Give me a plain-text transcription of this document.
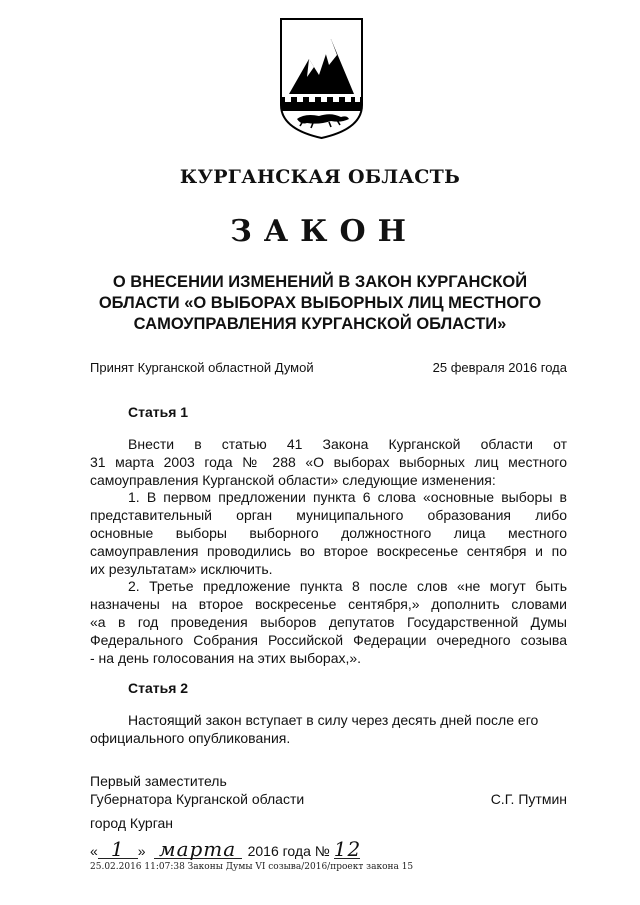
КУРГАНСКАЯ ОБЛАСТЬ
ЗАКОН
О ВНЕСЕНИИ ИЗМЕНЕНИЙ В ЗАКОН КУРГАНСКОЙ
ОБЛАСТИ «О ВЫБОРАХ ВЫБОРНЫХ ЛИЦ МЕСТНОГО
САМОУПРАВЛЕНИЯ КУРГАНСКОЙ ОБЛАСТИ»
Принят Курганской областной Думой	25 февраля 2016 года
Статья 1
Внести в статью 41 Закона Курганской области от
31 марта 2003 года № 288 «О выборах выборных лиц местного
самоуправления Курганской области» следующие изменения:
1. В первом предложении пункта 6 слова «основные выборы в
представительный орган муниципального образования либо
основные выборы выборного должностного лица местного
самоуправления проводились во второе воскресенье сентября и по
их результатам» исключить.
2. Третье предложение пункта 8 после слов «не могут быть
назначены на второе воскресенье сентября,» дополнить словами
«а в год проведения выборов депутатов Государственной Думы
Федерального Собрания Российской Федерации очередного созыва
- на день голосования на этих выборах,».
Статья 2
Настоящий закон вступает в силу через десять дней после его
официального опубликования.
Первый заместитель
Губернатора Курганской области	С.Г. Путмин
город Курган
« 1 » марта 2016 года № 12
25.02.2016 11:07:38 Законы Думы VI созыва/2016/проект закона 15
